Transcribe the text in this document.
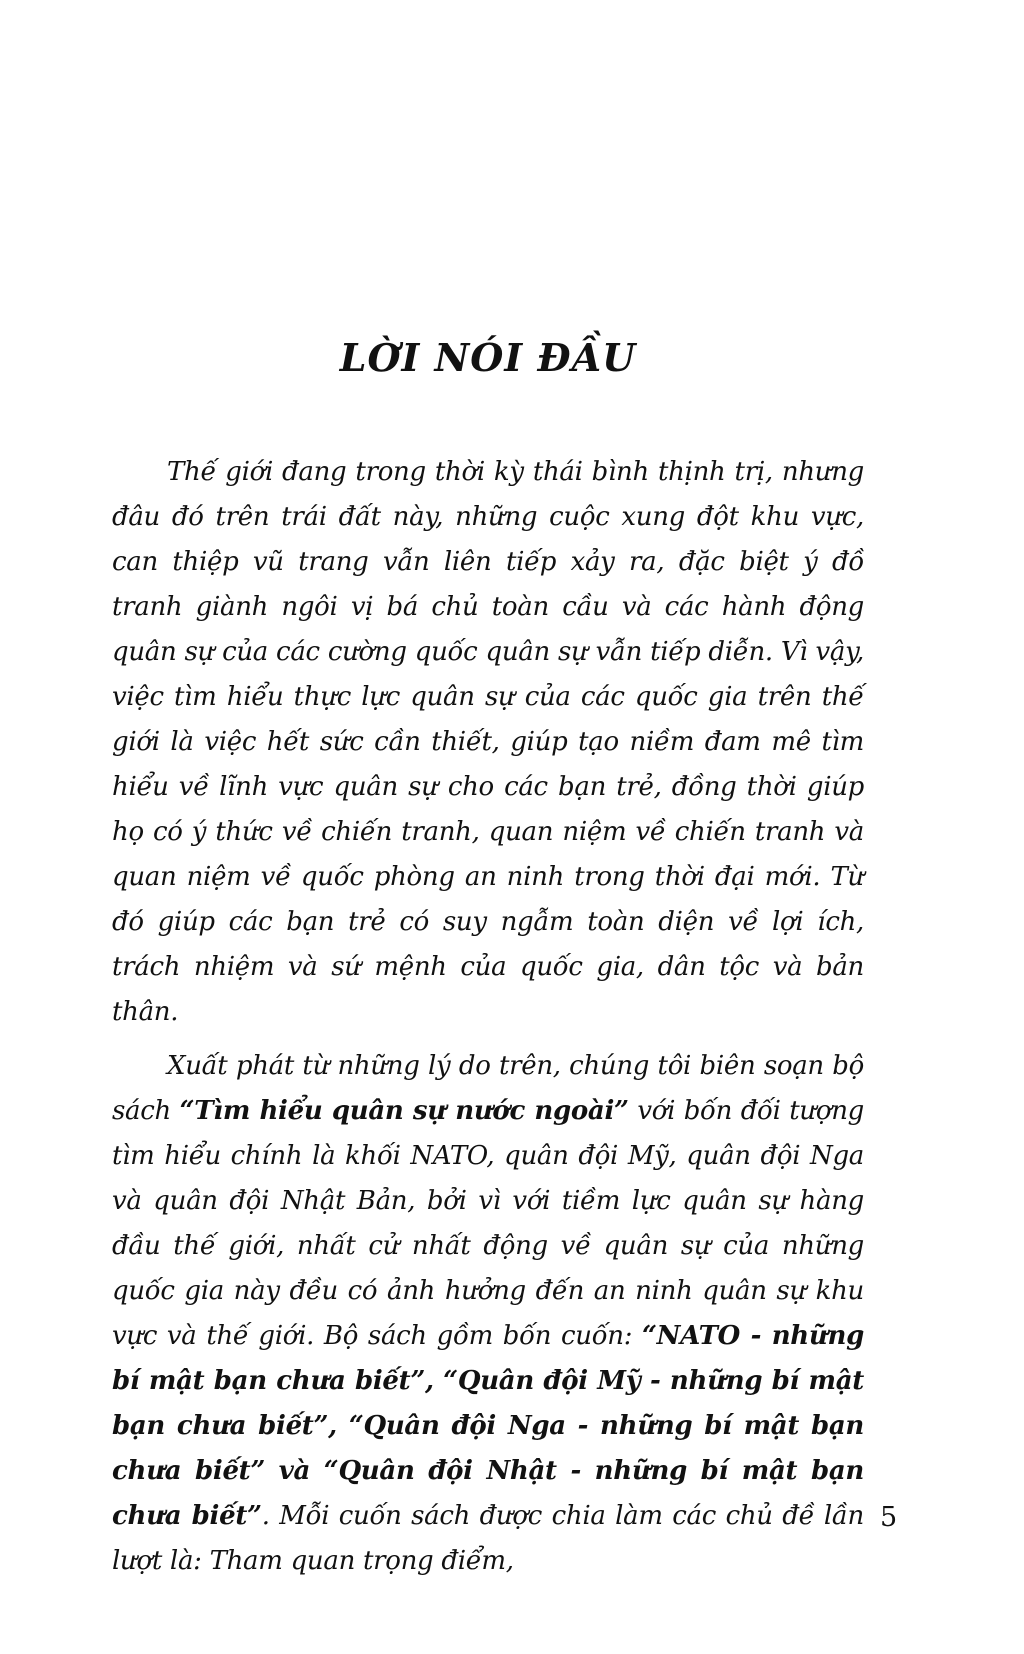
LỜI NÓI ĐẦU

Thế giới đang trong thời kỳ thái bình thịnh trị, nhưng đâu đó trên trái đất này, những cuộc xung đột khu vực, can thiệp vũ trang vẫn liên tiếp xảy ra, đặc biệt ý đồ tranh giành ngôi vị bá chủ toàn cầu và các hành động quân sự của các cường quốc quân sự vẫn tiếp diễn. Vì vậy, việc tìm hiểu thực lực quân sự của các quốc gia trên thế giới là việc hết sức cần thiết, giúp tạo niềm đam mê tìm hiểu về lĩnh vực quân sự cho các bạn trẻ, đồng thời giúp họ có ý thức về chiến tranh, quan niệm về chiến tranh và quan niệm về quốc phòng an ninh trong thời đại mới. Từ đó giúp các bạn trẻ có suy ngẫm toàn diện về lợi ích, trách nhiệm và sứ mệnh của quốc gia, dân tộc và bản thân.

Xuất phát từ những lý do trên, chúng tôi biên soạn bộ sách “Tìm hiểu quân sự nước ngoài” với bốn đối tượng tìm hiểu chính là khối NATO, quân đội Mỹ, quân đội Nga và quân đội Nhật Bản, bởi vì với tiềm lực quân sự hàng đầu thế giới, nhất cử nhất động về quân sự của những quốc gia này đều có ảnh hưởng đến an ninh quân sự khu vực và thế giới. Bộ sách gồm bốn cuốn: “NATO - những bí mật bạn chưa biết”, “Quân đội Mỹ - những bí mật bạn chưa biết”, “Quân đội Nga - những bí mật bạn chưa biết” và “Quân đội Nhật - những bí mật bạn chưa biết”. Mỗi cuốn sách được chia làm các chủ đề lần lượt là: Tham quan trọng điểm,

5
